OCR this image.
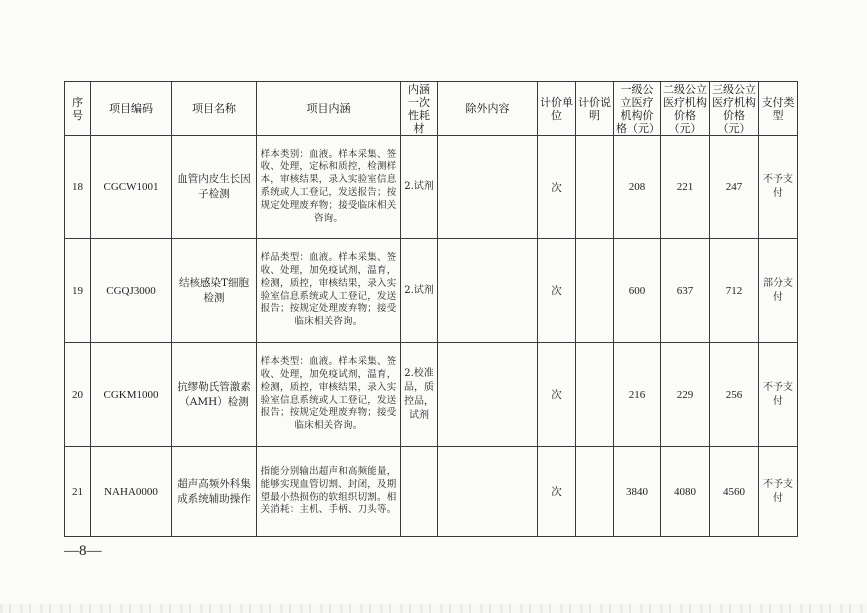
序号	项目编码	项目名称	项目内涵	内涵一次性耗材	除外内容	计价单位	计价说明	一级公立医疗机构价格（元）	二级公立医疗机构价格（元）	三级公立医疗机构价格（元）	支付类型
18	CGCW1001	血管内皮生长因子检测	样本类别：血液。样本采集、签收、处理，定标和质控，检测样本，审核结果，录入实验室信息系统或人工登记，发送报告；按规定处理废弃物；接受临床相关咨询。	2.试剂		次		208	221	247	不予支付
19	CGQJ3000	结核感染T细胞检测	样品类型：血液。样本采集、签收、处理，加免疫试剂，温育，检测，质控，审核结果，录入实验室信息系统或人工登记，发送报告；按规定处理废弃物；接受临床相关咨询。	2.试剂		次		600	637	712	部分支付
20	CGKM1000	抗缪勒氏管激素（AMH）检测	样本类型：血液。样本采集、签收、处理，加免疫试剂，温育，检测，质控，审核结果，录入实验室信息系统或人工登记，发送报告；按规定处理废弃物；接受临床相关咨询。	2.校准品，质控品，试剂		次		216	229	256	不予支付
21	NAHA0000	超声高频外科集成系统辅助操作	指能分别输出超声和高频能量，能够实现血管切割、封闭，及期望最小热损伤的软组织切割。相关消耗：主机、手柄、刀头等。			次		3840	4080	4560	不予支付
—8—
